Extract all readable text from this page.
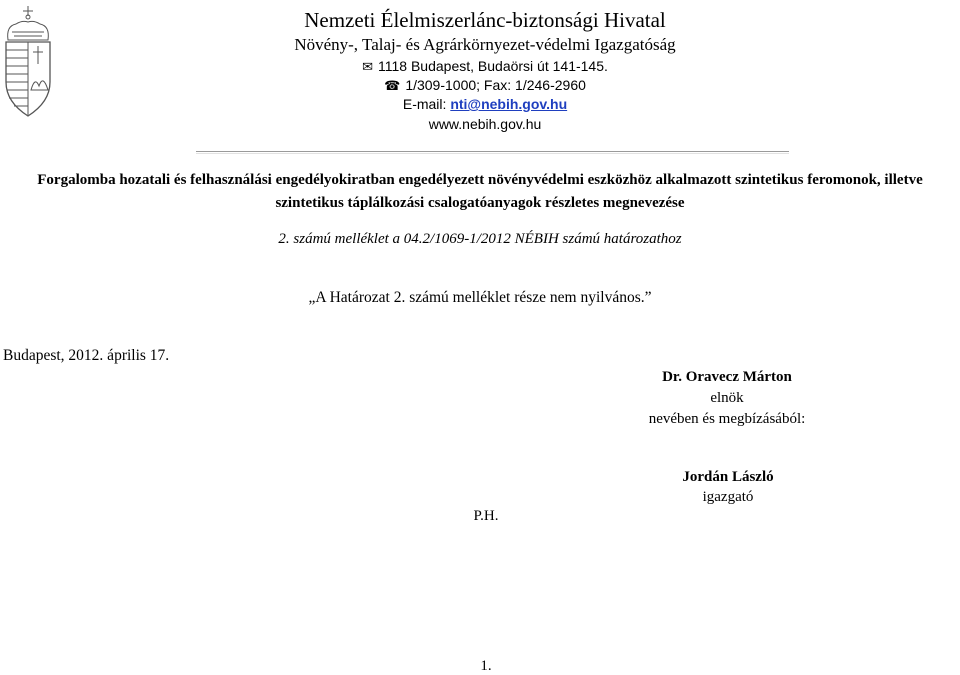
Nemzeti Élelmiszerlánc-biztonsági Hivatal
Növény-, Talaj- és Agrárkörnyezet-védelmi Igazgatóság
✉ 1118 Budapest, Budaörsi út 141-145.
☎ 1/309-1000; Fax: 1/246-2960
E-mail: nti@nebih.gov.hu
www.nebih.gov.hu
Forgalomba hozatali és felhasználási engedélyokiratban engedélyezett növényvédelmi eszközhöz alkalmazott szintetikus feromonok, illetve
szintetikus táplálkozási csalogatóanyagok részletes megnevezése
2. számú melléklet a 04.2/1069-1/2012 NÉBIH számú határozathoz
„A Határozat 2. számú melléklet része nem nyilvános.”
Budapest, 2012. április 17.
Dr. Oravecz Márton
elnök
nevében és megbízásából:
Jordán László
igazgató
P.H.
1.
